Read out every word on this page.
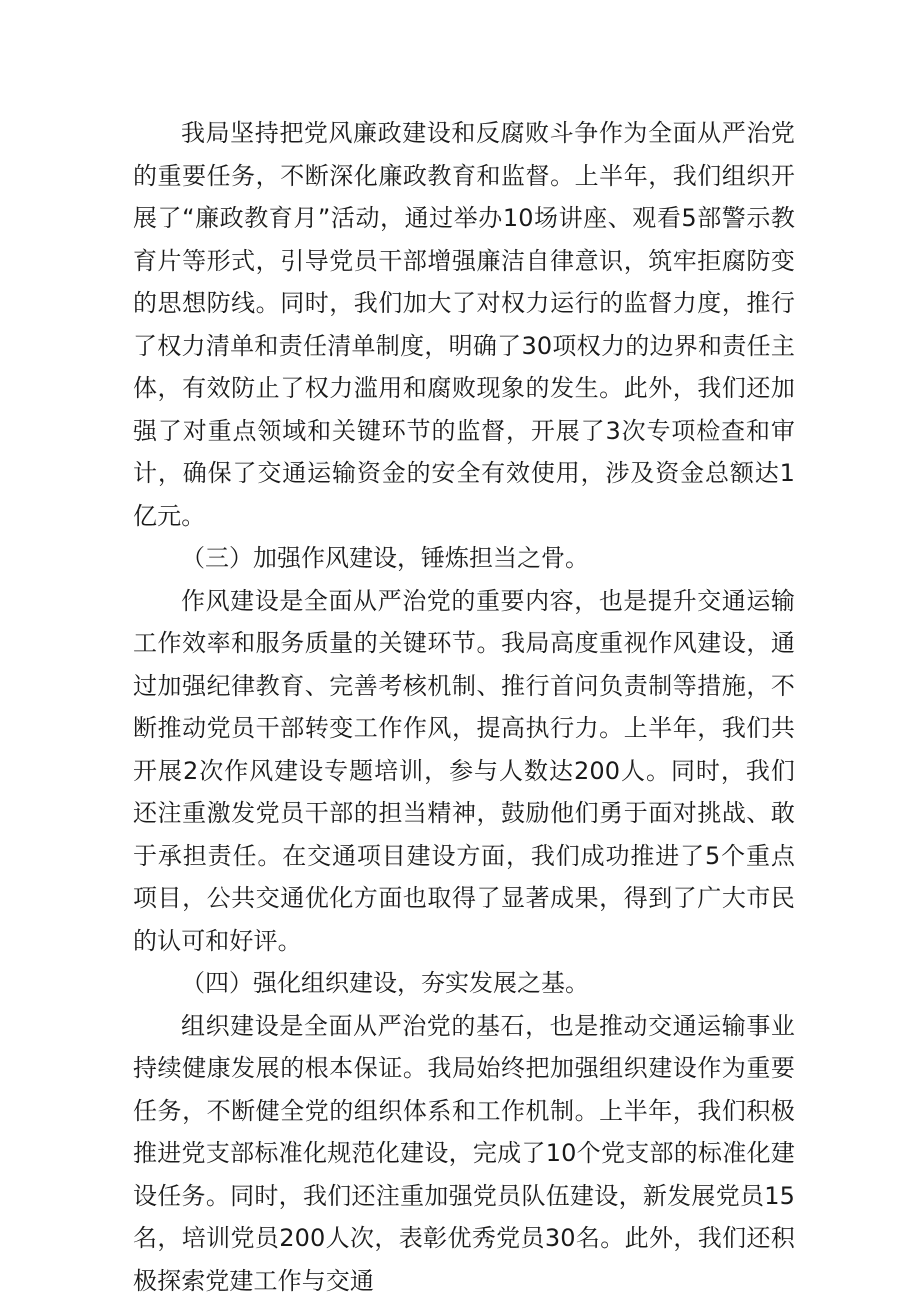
我局坚持把党风廉政建设和反腐败斗争作为全面从严治党的重要任务，不断深化廉政教育和监督。上半年，我们组织开展了“廉政教育月”活动，通过举办10场讲座、观看5部警示教育片等形式，引导党员干部增强廉洁自律意识，筑牢拒腐防变的思想防线。同时，我们加大了对权力运行的监督力度，推行了权力清单和责任清单制度，明确了30项权力的边界和责任主体，有效防止了权力滥用和腐败现象的发生。此外，我们还加强了对重点领域和关键环节的监督，开展了3次专项检查和审计，确保了交通运输资金的安全有效使用，涉及资金总额达1亿元。

（三）加强作风建设，锤炼担当之骨。

作风建设是全面从严治党的重要内容，也是提升交通运输工作效率和服务质量的关键环节。我局高度重视作风建设，通过加强纪律教育、完善考核机制、推行首问负责制等措施，不断推动党员干部转变工作作风，提高执行力。上半年，我们共开展2次作风建设专题培训，参与人数达200人。同时，我们还注重激发党员干部的担当精神，鼓励他们勇于面对挑战、敢于承担责任。在交通项目建设方面，我们成功推进了5个重点项目，公共交通优化方面也取得了显著成果，得到了广大市民的认可和好评。

（四）强化组织建设，夯实发展之基。

组织建设是全面从严治党的基石，也是推动交通运输事业持续健康发展的根本保证。我局始终把加强组织建设作为重要任务，不断健全党的组织体系和工作机制。上半年，我们积极推进党支部标准化规范化建设，完成了10个党支部的标准化建设任务。同时，我们还注重加强党员队伍建设，新发展党员15名，培训党员200人次，表彰优秀党员30名。此外，我们还积极探索党建工作与交通
